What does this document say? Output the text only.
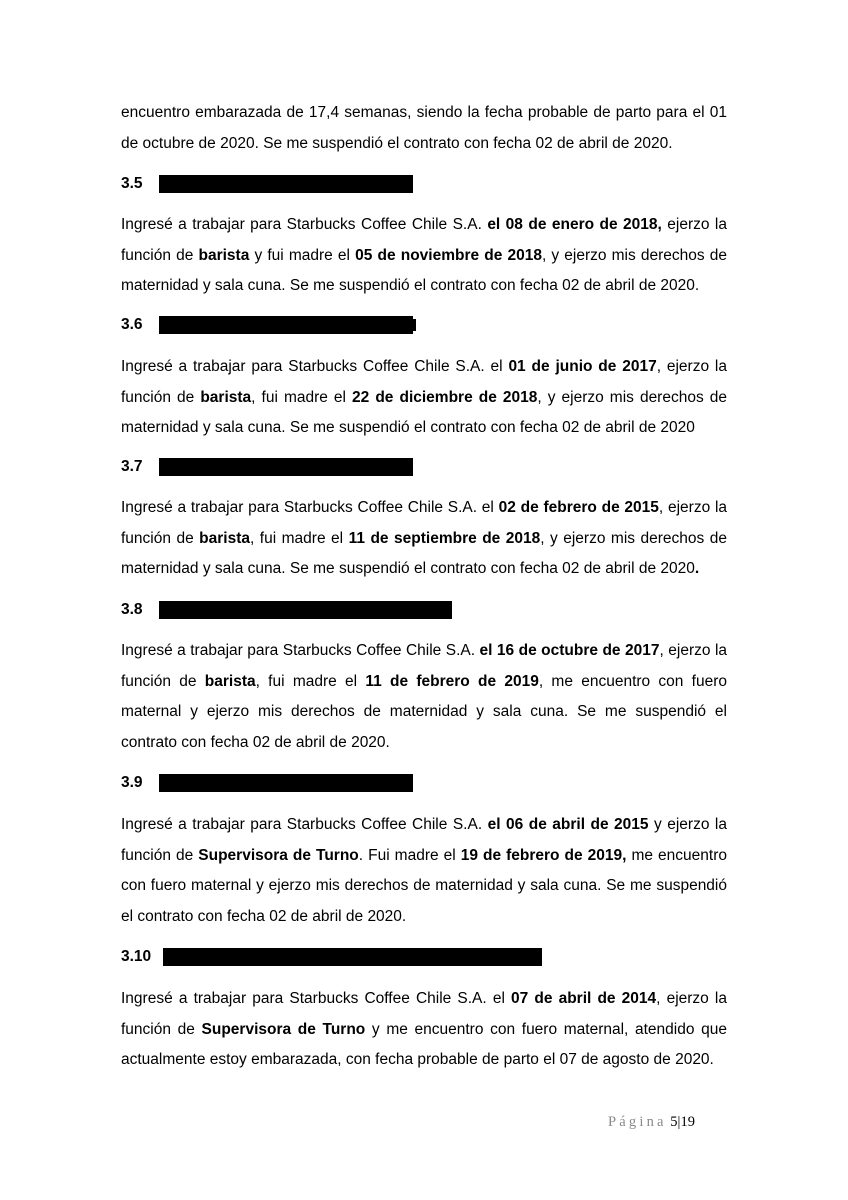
encuentro embarazada de 17,4 semanas, siendo la fecha probable de parto para el 01 de octubre de 2020. Se me suspendió el contrato con fecha 02 de abril de 2020.

3.5

Ingresé a trabajar para Starbucks Coffee Chile S.A. el 08 de enero de 2018, ejerzo la función de barista y fui madre el 05 de noviembre de 2018, y ejerzo mis derechos de maternidad y sala cuna. Se me suspendió el contrato con fecha 02 de abril de 2020.

3.6

Ingresé a trabajar para Starbucks Coffee Chile S.A. el 01 de junio de 2017, ejerzo la función de barista, fui madre el 22 de diciembre de 2018, y ejerzo mis derechos de maternidad y sala cuna. Se me suspendió el contrato con fecha 02 de abril de 2020

3.7

Ingresé a trabajar para Starbucks Coffee Chile S.A. el 02 de febrero de 2015, ejerzo la función de barista, fui madre el 11 de septiembre de 2018, y ejerzo mis derechos de maternidad y sala cuna. Se me suspendió el contrato con fecha 02 de abril de 2020.

3.8

Ingresé a trabajar para Starbucks Coffee Chile S.A. el 16 de octubre de 2017, ejerzo la función de barista, fui madre el 11 de febrero de 2019, me encuentro con fuero maternal y ejerzo mis derechos de maternidad y sala cuna. Se me suspendió el contrato con fecha 02 de abril de 2020.

3.9

Ingresé a trabajar para Starbucks Coffee Chile S.A. el 06 de abril de 2015 y ejerzo la función de Supervisora de Turno. Fui madre el 19 de febrero de 2019, me encuentro con fuero maternal y ejerzo mis derechos de maternidad y sala cuna. Se me suspendió el contrato con fecha 02 de abril de 2020.

3.10

Ingresé a trabajar para Starbucks Coffee Chile S.A. el 07 de abril de 2014, ejerzo la función de Supervisora de Turno y me encuentro con fuero maternal, atendido que actualmente estoy embarazada, con fecha probable de parto el 07 de agosto de 2020.

Página 5|19
